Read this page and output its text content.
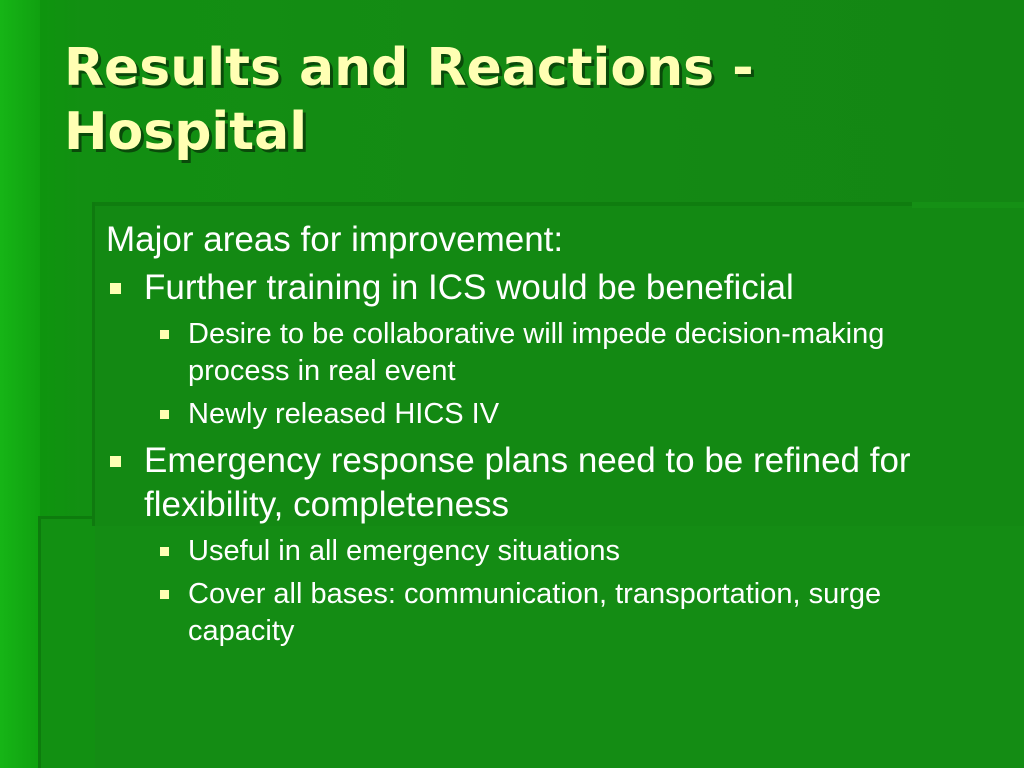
Results and Reactions - Hospital

Major areas for improvement:

Further training in ICS would be beneficial
Desire to be collaborative will impede decision-making process in real event
Newly released HICS IV
Emergency response plans need to be refined for flexibility, completeness
Useful in all emergency situations
Cover all bases: communication, transportation, surge capacity
